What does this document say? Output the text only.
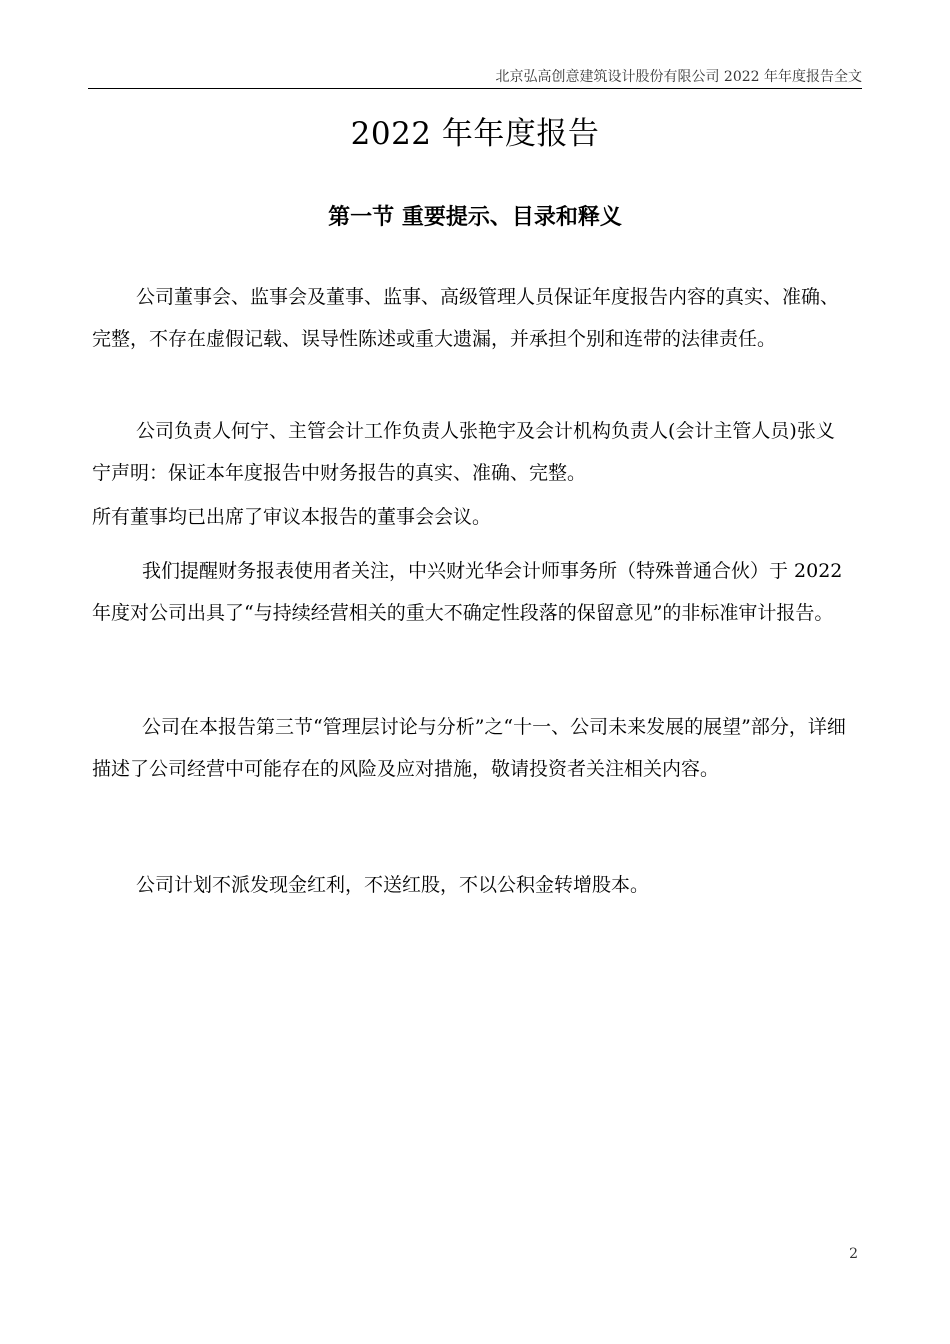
北京弘高创意建筑设计股份有限公司 2022 年年度报告全文
2022 年年度报告
第一节 重要提示、目录和释义

公司董事会、监事会及董事、监事、高级管理人员保证年度报告内容的真实、准确、完整，不存在虚假记载、误导性陈述或重大遗漏，并承担个别和连带的法律责任。

公司负责人何宁、主管会计工作负责人张艳宇及会计机构负责人(会计主管人员)张义宁声明：保证本年度报告中财务报告的真实、准确、完整。

所有董事均已出席了审议本报告的董事会会议。

我们提醒财务报表使用者关注，中兴财光华会计师事务所（特殊普通合伙）于 2022 年度对公司出具了“与持续经营相关的重大不确定性段落的保留意见”的非标准审计报告。

公司在本报告第三节“管理层讨论与分析”之“十一、公司未来发展的展望”部分，详细描述了公司经营中可能存在的风险及应对措施，敬请投资者关注相关内容。

公司计划不派发现金红利，不送红股，不以公积金转增股本。

2
